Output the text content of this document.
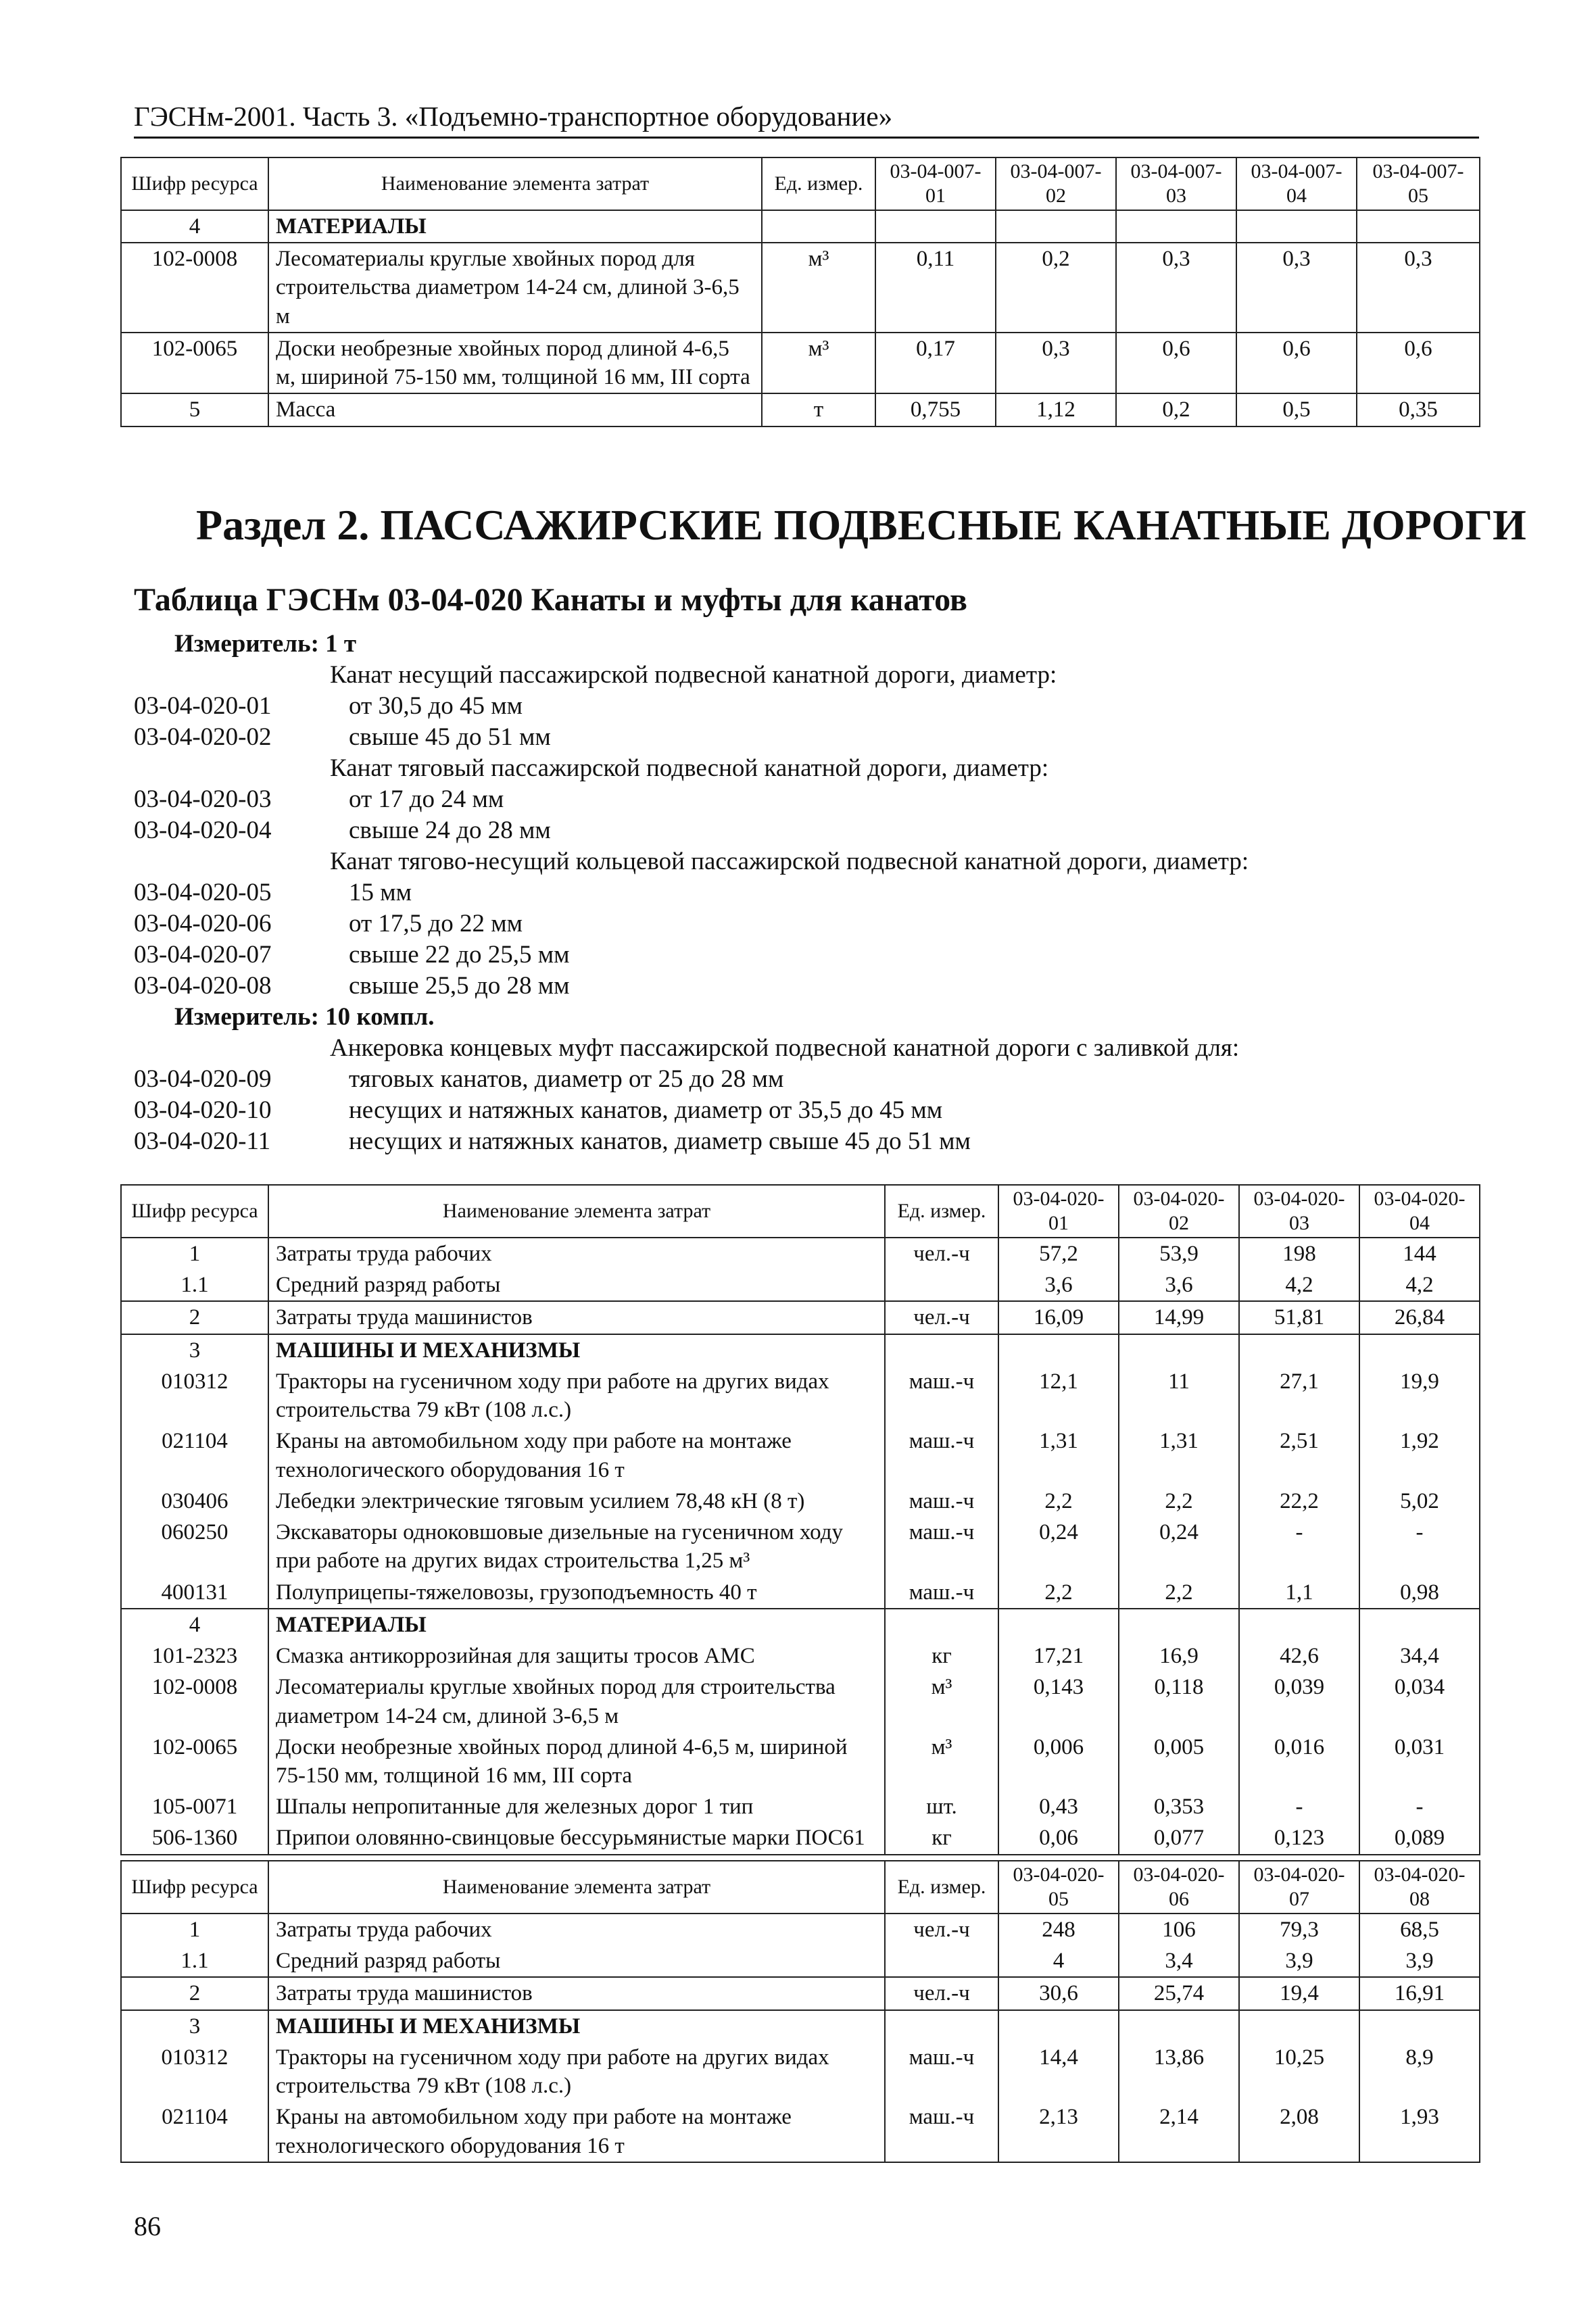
ГЭСНм-2001. Часть 3. «Подъемно-транспортное оборудование»
Шифр ресурса	Наименование элемента затрат	Ед. измер.	03-04-007-01	03-04-007-02	03-04-007-03	03-04-007-04	03-04-007-05
4	МАТЕРИАЛЫ						
102-0008	Лесоматериалы круглые хвойных пород для строительства диаметром 14-24 см, длиной 3-6,5 м	м³	0,11	0,2	0,3	0,3	0,3
102-0065	Доски необрезные хвойных пород длиной 4-6,5 м, шириной 75-150 мм, толщиной 16 мм, III сорта	м³	0,17	0,3	0,6	0,6	0,6
5	Масса	т	0,755	1,12	0,2	0,5	0,35
Раздел 2. ПАССАЖИРСКИЕ ПОДВЕСНЫЕ КАНАТНЫЕ ДОРОГИ
Таблица ГЭСНм 03-04-020 Канаты и муфты для канатов
Измеритель: 1 т
Канат несущий пассажирской подвесной канатной дороги, диаметр:
03-04-020-01	от 30,5 до 45 мм
03-04-020-02	свыше 45 до 51 мм
Канат тяговый пассажирской подвесной канатной дороги, диаметр:
03-04-020-03	от 17 до 24 мм
03-04-020-04	свыше 24 до 28 мм
Канат тягово-несущий кольцевой пассажирской подвесной канатной дороги, диаметр:
03-04-020-05	15 мм
03-04-020-06	от 17,5 до 22 мм
03-04-020-07	свыше 22 до 25,5 мм
03-04-020-08	свыше 25,5 до 28 мм
Измеритель: 10 компл.
Анкеровка концевых муфт пассажирской подвесной канатной дороги с заливкой для:
03-04-020-09	тяговых канатов, диаметр от 25 до 28 мм
03-04-020-10	несущих и натяжных канатов, диаметр от 35,5 до 45 мм
03-04-020-11	несущих и натяжных канатов, диаметр свыше 45 до 51 мм
Шифр ресурса	Наименование элемента затрат	Ед. измер.	03-04-020-01	03-04-020-02	03-04-020-03	03-04-020-04
1	Затраты труда рабочих	чел.-ч	57,2	53,9	198	144
1.1	Средний разряд работы		3,6	3,6	4,2	4,2
2	Затраты труда машинистов	чел.-ч	16,09	14,99	51,81	26,84
3	МАШИНЫ И МЕХАНИЗМЫ					
010312	Тракторы на гусеничном ходу при работе на других видах строительства 79 кВт (108 л.с.)	маш.-ч	12,1	11	27,1	19,9
021104	Краны на автомобильном ходу при работе на монтаже технологического оборудования 16 т	маш.-ч	1,31	1,31	2,51	1,92
030406	Лебедки электрические тяговым усилием 78,48 кН (8 т)	маш.-ч	2,2	2,2	22,2	5,02
060250	Экскаваторы одноковшовые дизельные на гусеничном ходу при работе на других видах строительства 1,25 м³	маш.-ч	0,24	0,24	-	-
400131	Полуприцепы-тяжеловозы, грузоподъемность 40 т	маш.-ч	2,2	2,2	1,1	0,98
4	МАТЕРИАЛЫ					
101-2323	Смазка антикоррозийная для защиты тросов АМС	кг	17,21	16,9	42,6	34,4
102-0008	Лесоматериалы круглые хвойных пород для строительства диаметром 14-24 см, длиной 3-6,5 м	м³	0,143	0,118	0,039	0,034
102-0065	Доски необрезные хвойных пород длиной 4-6,5 м, шириной 75-150 мм, толщиной 16 мм, III сорта	м³	0,006	0,005	0,016	0,031
105-0071	Шпалы непропитанные для железных дорог 1 тип	шт.	0,43	0,353	-	-
506-1360	Припои оловянно-свинцовые бессурьмянистые марки ПОС61	кг	0,06	0,077	0,123	0,089
Шифр ресурса	Наименование элемента затрат	Ед. измер.	03-04-020-05	03-04-020-06	03-04-020-07	03-04-020-08
1	Затраты труда рабочих	чел.-ч	248	106	79,3	68,5
1.1	Средний разряд работы		4	3,4	3,9	3,9
2	Затраты труда машинистов	чел.-ч	30,6	25,74	19,4	16,91
3	МАШИНЫ И МЕХАНИЗМЫ					
010312	Тракторы на гусеничном ходу при работе на других видах строительства 79 кВт (108 л.с.)	маш.-ч	14,4	13,86	10,25	8,9
021104	Краны на автомобильном ходу при работе на монтаже технологического оборудования 16 т	маш.-ч	2,13	2,14	2,08	1,93
86
